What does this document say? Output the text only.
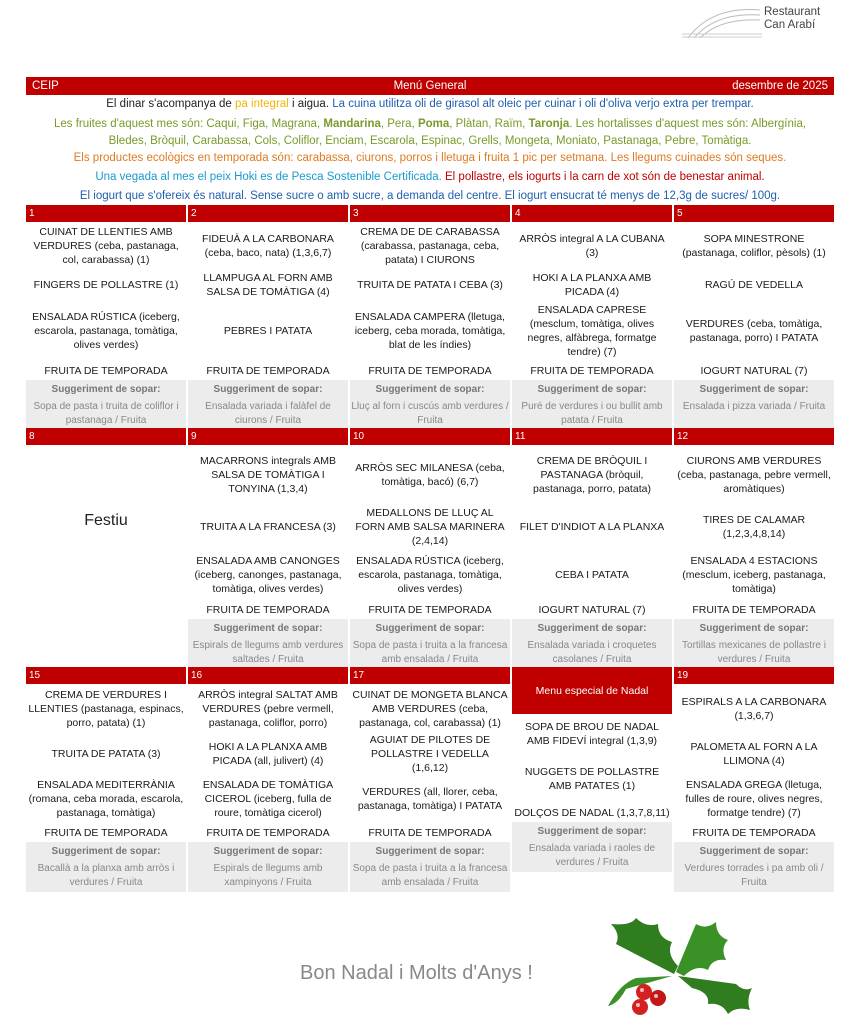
Restaurant
Can Arabí
CEIP	Menú General	desembre de 2025
El dinar s'acompanya de pa integral i aigua. La cuina utilitza oli de girasol alt oleic per cuinar i oli d'oliva verjo extra per trempar.
Les fruites d'aquest mes són: Caqui, Figa, Magrana, Mandarina, Pera, Poma, Plàtan, Raïm, Taronja. Les hortalisses d'aquest mes són: Albergínia,
Bledes, Bròquil, Carabassa, Cols, Coliflor, Enciam, Escarola, Espinac, Grells, Mongeta, Moniato, Pastanaga, Pebre, Tomàtiga.
Els productes ecològics en temporada són: carabassa, ciurons, porros i lletuga i fruita 1 pic per setmana. Les llegums cuinades són seques.
Una vegada al mes el peix Hoki es de Pesca Sostenible Certificada. El pollastre, els iogurts i la carn de xot són de benestar animal.
El iogurt que s'ofereix és natural. Sense sucre o amb sucre, a demanda del centre. El iogurt ensucrat té menys de 12,3g de sucres/ 100g.
1
CUINAT DE LLENTIES AMB VERDURES (ceba, pastanaga, col, carabassa) (1)
FINGERS DE POLLASTRE (1)
ENSALADA RÚSTICA (iceberg, escarola, pastanaga, tomàtiga, olives verdes)
FRUITA DE TEMPORADA
Suggeriment de sopar:
Sopa de pasta i truita de coliflor i pastanaga / Fruita
2
FIDEUÀ A LA CARBONARA (ceba, baco, nata) (1,3,6,7)
LLAMPUGA AL FORN AMB SALSA DE TOMÀTIGA (4)
PEBRES I PATATA
FRUITA DE TEMPORADA
Suggeriment de sopar:
Ensalada variada i falàfel de ciurons / Fruita
3
CREMA DE DE CARABASSA (carabassa, pastanaga, ceba, patata) I CIURONS
TRUITA DE PATATA I CEBA (3)
ENSALADA CAMPERA (lletuga, iceberg, ceba morada, tomàtiga, blat de les índies)
FRUITA DE TEMPORADA
Suggeriment de sopar:
Lluç al forn i cuscús amb verdures / Fruita
4
ARRÒS integral A LA CUBANA (3)
HOKI A LA PLANXA AMB PICADA (4)
ENSALADA CAPRESE (mesclum, tomàtiga, olives negres, alfàbrega, formatge tendre) (7)
FRUITA DE TEMPORADA
Suggeriment de sopar:
Puré de verdures i ou bullit amb patata / Fruita
5
SOPA MINESTRONE (pastanaga, coliflor, pèsols) (1)
RAGÚ DE VEDELLA
VERDURES (ceba, tomàtiga, pastanaga, porro) I PATATA
IOGURT NATURAL (7)
Suggeriment de sopar:
Ensalada i pizza variada / Fruita
8
Festiu
9
MACARRONS integrals AMB SALSA DE TOMÀTIGA I TONYINA (1,3,4)
TRUITA A LA FRANCESA (3)
ENSALADA AMB CANONGES (iceberg, canonges, pastanaga, tomàtiga, olives verdes)
FRUITA DE TEMPORADA
Suggeriment de sopar:
Espirals de llegums amb verdures saltades / Fruita
10
ARRÒS SEC MILANESA (ceba, tomàtiga, bacó) (6,7)
MEDALLONS DE LLUÇ AL FORN AMB SALSA MARINERA (2,4,14)
ENSALADA RÚSTICA (iceberg, escarola, pastanaga, tomàtiga, olives verdes)
FRUITA DE TEMPORADA
Suggeriment de sopar:
Sopa de pasta i truita a la francesa amb ensalada / Fruita
11
CREMA DE BRÒQUIL I PASTANAGA (bròquil, pastanaga, porro, patata)
FILET D'INDIOT A LA PLANXA
CEBA I PATATA
IOGURT NATURAL (7)
Suggeriment de sopar:
Ensalada variada i croquetes casolanes / Fruita
12
CIURONS AMB VERDURES (ceba, pastanaga, pebre vermell, aromàtiques)
TIRES DE CALAMAR (1,2,3,4,8,14)
ENSALADA 4 ESTACIONS (mesclum, iceberg, pastanaga, tomàtiga)
FRUITA DE TEMPORADA
Suggeriment de sopar:
Tortillas mexicanes de pollastre i verdures / Fruita
15
CREMA DE VERDURES I LLENTIES (pastanaga, espinacs, porro, patata) (1)
TRUITA DE PATATA (3)
ENSALADA MEDITERRÀNIA (romana, ceba morada, escarola, pastanaga, tomàtiga)
FRUITA DE TEMPORADA
Suggeriment de sopar:
Bacallà a la planxa amb arròs i verdures / Fruita
16
ARRÒS integral SALTAT AMB VERDURES (pebre vermell, pastanaga, coliflor, porro)
HOKI A LA PLANXA AMB PICADA (all, julivert) (4)
ENSALADA DE TOMÀTIGA CICEROL (iceberg, fulla de roure, tomàtiga cicerol)
FRUITA DE TEMPORADA
Suggeriment de sopar:
Espirals de llegums amb xampinyons / Fruita
17
CUINAT DE MONGETA BLANCA AMB VERDURES (ceba, pastanaga, col, carabassa) (1)
AGUIAT DE PILOTES DE POLLASTRE I VEDELLA (1,6,12)
VERDURES (all, llorer, ceba, pastanaga, tomàtiga) I PATATA
FRUITA DE TEMPORADA
Suggeriment de sopar:
Sopa de pasta i truita a la francesa amb ensalada / Fruita
Menu especial de Nadal
SOPA DE BROU DE NADAL AMB FIDEVÍ integral (1,3,9)
NUGGETS DE POLLASTRE AMB PATATES (1)
DOLÇOS DE NADAL (1,3,7,8,11)
Suggeriment de sopar:
Ensalada variada i raoles de verdures / Fruita
19
ESPIRALS A LA CARBONARA (1,3,6,7)
PALOMETA AL FORN A LA LLIMONA (4)
ENSALADA GREGA (lletuga, fulles de roure, olives negres, formatge tendre) (7)
FRUITA DE TEMPORADA
Suggeriment de sopar:
Verdures torrades i pa amb oli / Fruita
Bon Nadal i Molts d'Anys !
